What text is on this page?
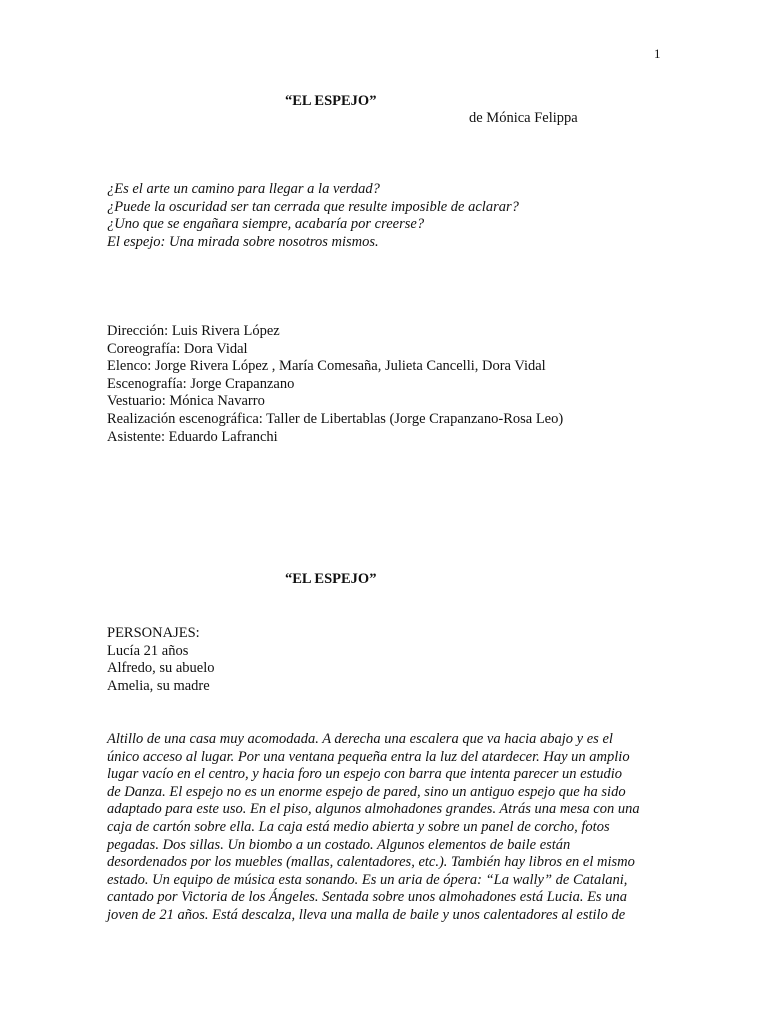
1
“EL ESPEJO”
de Mónica Felippa
¿Es el arte un camino para llegar a la verdad?
¿Puede la oscuridad ser tan cerrada que resulte imposible de aclarar?
¿Uno que se engañara siempre, acabaría por creerse?
El espejo: Una mirada sobre nosotros mismos.
Dirección: Luis Rivera López
Coreografía: Dora Vidal
Elenco: Jorge Rivera López , María Comesaña, Julieta Cancelli, Dora Vidal
Escenografía: Jorge Crapanzano
Vestuario: Mónica Navarro
Realización escenográfica: Taller de Libertablas (Jorge Crapanzano-Rosa Leo)
Asistente: Eduardo Lafranchi
“EL ESPEJO”
PERSONAJES:
Lucía 21 años
Alfredo, su abuelo
Amelia, su madre
Altillo de una casa muy acomodada. A derecha una escalera que va hacia abajo y es el
único acceso al lugar. Por una ventana pequeña entra la luz del atardecer. Hay un amplio
lugar vacío en el centro, y hacia foro un espejo con barra que intenta parecer un estudio
de Danza. El espejo no es un enorme espejo de pared, sino un antiguo espejo que ha sido
adaptado para este uso. En el piso, algunos almohadones grandes. Atrás una mesa con una
caja de cartón sobre ella. La caja está medio abierta y sobre un panel de corcho, fotos
pegadas. Dos sillas. Un biombo a un costado. Algunos elementos de baile están
desordenados por los muebles (mallas, calentadores, etc.). También hay libros en el mismo
estado. Un equipo de música esta sonando. Es un aria de ópera: “La wally” de Catalani,
cantado por Victoria de los Ángeles. Sentada sobre unos almohadones está Lucia. Es una
joven de 21 años. Está descalza, lleva una malla de baile y unos calentadores al estilo de
